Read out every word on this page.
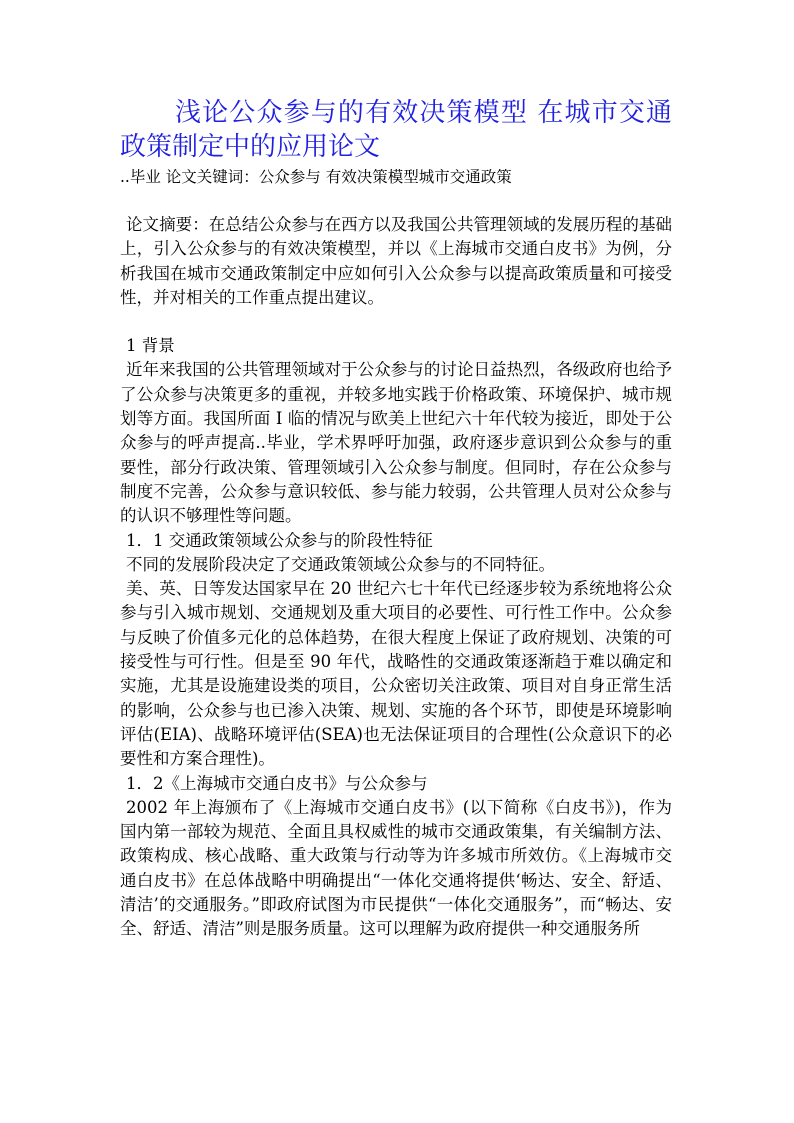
浅论公众参与的有效决策模型 在城市交通政策制定中的应用论文
..毕业 论文关键词：公众参与 有效决策模型城市交通政策

论文摘要：在总结公众参与在西方以及我国公共管理领域的发展历程的基础上，引入公众参与的有效决策模型，并以《上海城市交通白皮书》为例，分析我国在城市交通政策制定中应如何引入公众参与以提高政策质量和可接受性，并对相关的工作重点提出建议。

1 背景

近年来我国的公共管理领域对于公众参与的讨论日益热烈，各级政府也给予了公众参与决策更多的重视，并较多地实践于价格政策、环境保护、城市规划等方面。我国所面 I 临的情况与欧美上世纪六十年代较为接近，即处于公众参与的呼声提高..毕业，学术界呼吁加强，政府逐步意识到公众参与的重要性，部分行政决策、管理领域引入公众参与制度。但同时，存在公众参与制度不完善，公众参与意识较低、参与能力较弱，公共管理人员对公众参与的认识不够理性等问题。

1．1 交通政策领域公众参与的阶段性特征

不同的发展阶段决定了交通政策领域公众参与的不同特征。

美、英、日等发达国家早在 20 世纪六七十年代已经逐步较为系统地将公众参与引入城市规划、交通规划及重大项目的必要性、可行性工作中。公众参与反映了价值多元化的总体趋势，在很大程度上保证了政府规划、决策的可接受性与可行性。但是至 90 年代，战略性的交通政策逐渐趋于难以确定和实施，尤其是设施建设类的项目，公众密切关注政策、项目对自身正常生活的影响，公众参与也已渗入决策、规划、实施的各个环节，即使是环境影响评估(EIA)、战略环境评估(SEA)也无法保证项目的合理性(公众意识下的必要性和方案合理性)。

1．2《上海城市交通白皮书》与公众参与

2002 年上海颁布了《上海城市交通白皮书》(以下简称《白皮书》)，作为国内第一部较为规范、全面且具权威性的城市交通政策集，有关编制方法、政策构成、核心战略、重大政策与行动等为许多城市所效仿。《上海城市交通白皮书》在总体战略中明确提出“一体化交通将提供‘畅达、安全、舒适、清洁’的交通服务。”即政府试图为市民提供“一体化交通服务”，而“畅达、安全、舒适、清洁”则是服务质量。这可以理解为政府提供一种交通服务所
